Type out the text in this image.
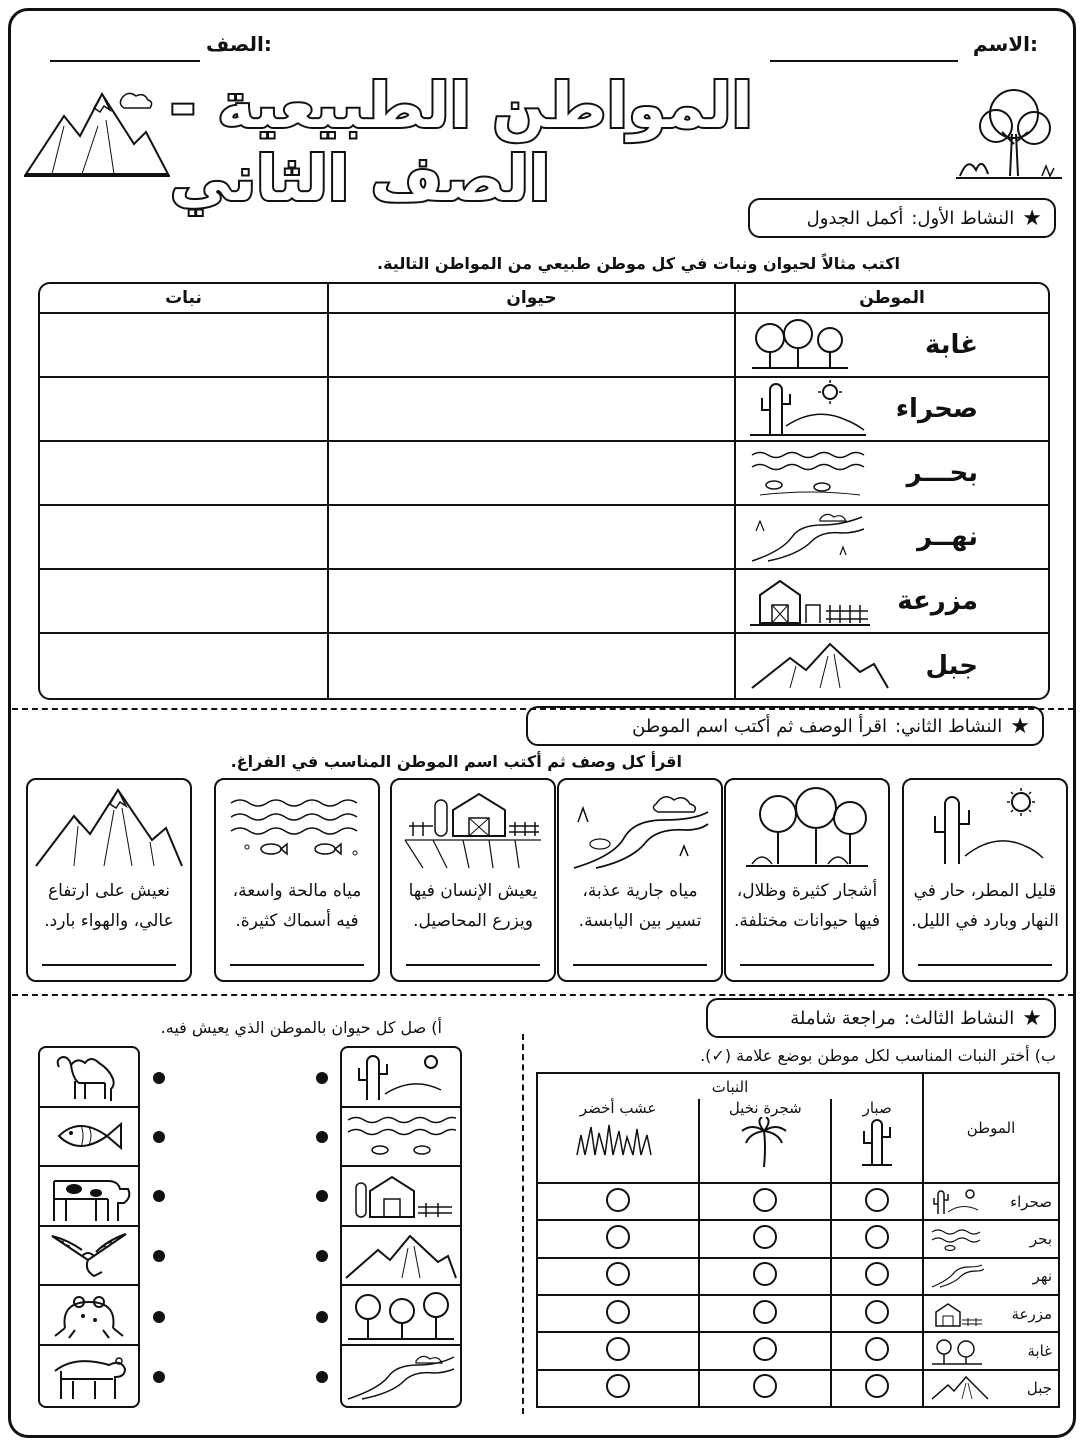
الاسم:
الصف:
المواطن الطبيعية - الصف الثاني
★
النشاط الأول:
أكمل الجدول
اكتب مثالاً لحيوان ونبات في كل موطن طبيعي من المواطن التالية.
الموطن	حيوان	نبات

غابة		

صحراء		

بحـــر		

نهــر		

مزرعة		

جبل		

★
النشاط الثاني:
اقرأ الوصف ثم أكتب اسم الموطن
اقرأ كل وصف ثم أكتب اسم الموطن المناسب في الفراغ.
قليل المطر، حار في
النهار وبارد في الليل.
أشجار كثيرة وظلال،
فيها حيوانات مختلفة.
مياه جارية عذبة،
تسير بين اليابسة.
يعيش الإنسان فيها
ويزرع المحاصيل.
مياه مالحة واسعة،
فيه أسماك كثيرة.
نعيش على ارتفاع
عالي، والهواء بارد.
★
النشاط الثالث:
مراجعة شاملة
أ) صل كل حيوان بالموطن الذي يعيش فيه.
ب) أختر النبات المناسب لكل موطن بوضع علامة (✓).
الموطن	النبات		

	صبار	شجرة نخيل	عشب أخضر

صحراء			

بحر			

نهر			

مزرعة			

غابة			

جبل			
